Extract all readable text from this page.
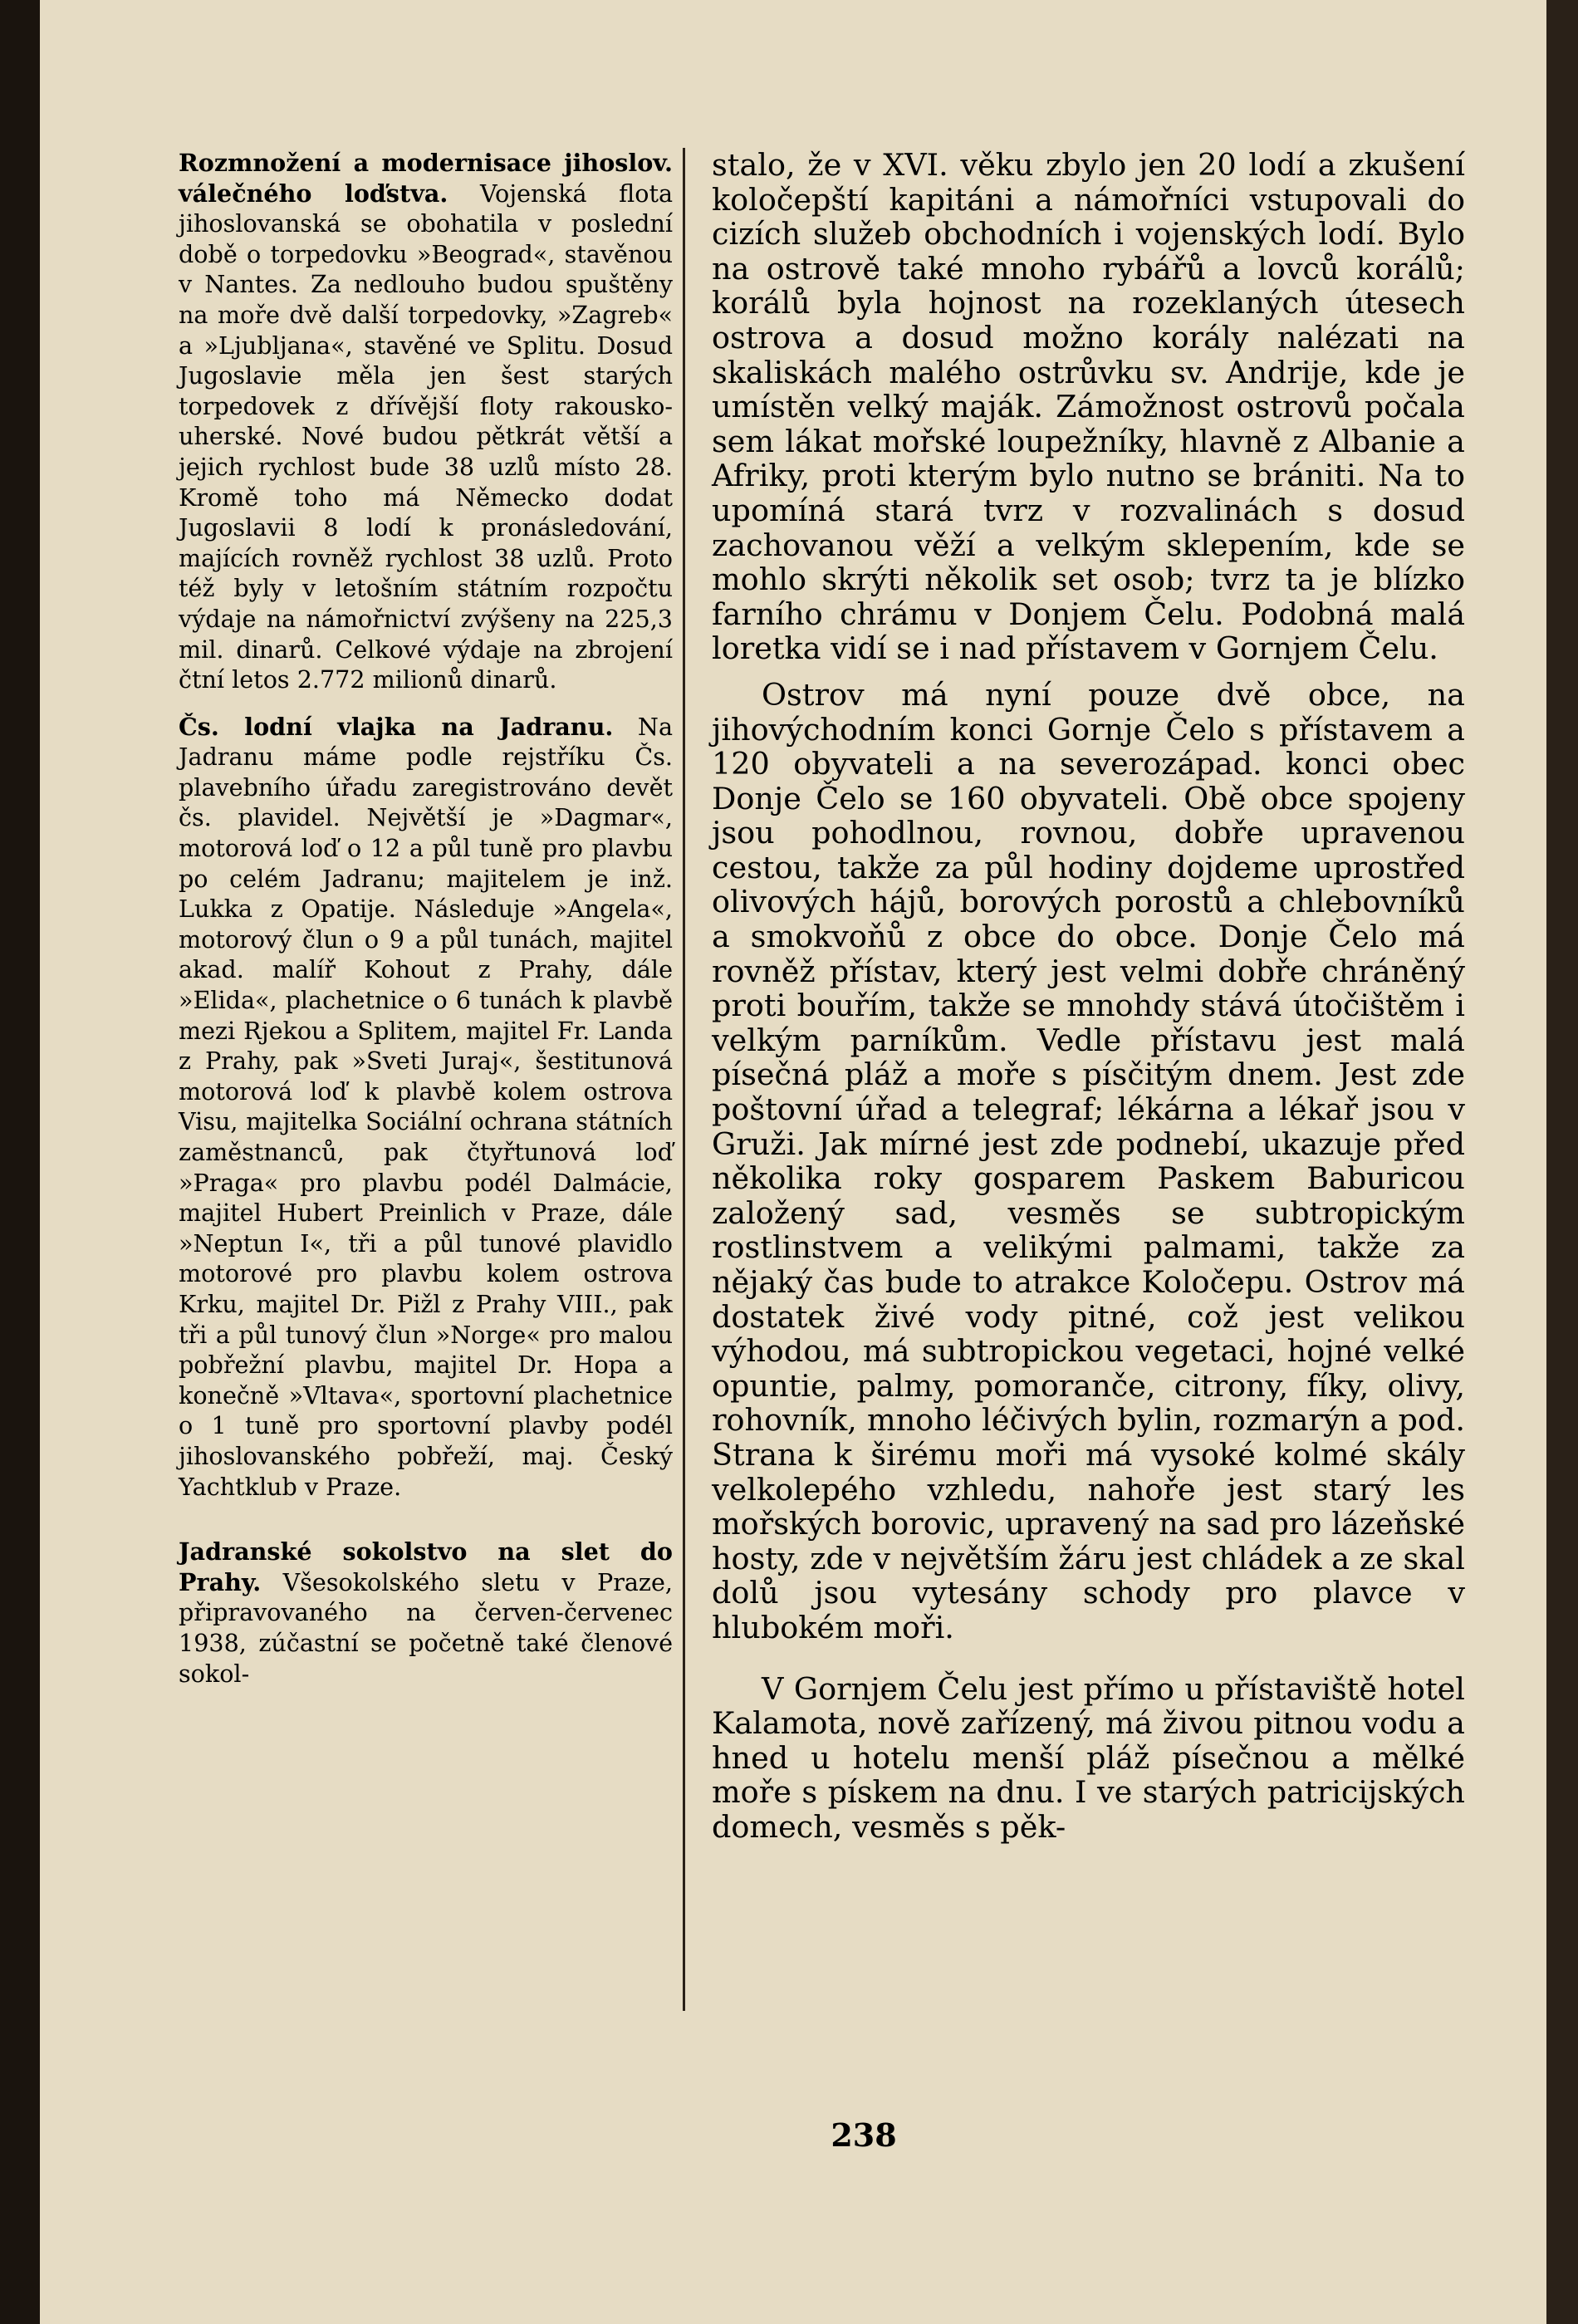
Rozmnožení a modernisace jihoslov. válečného loďstva. Vojenská flota jihoslovanská se obohatila v poslední době o torpedovku »Beograd«, stavěnou v Nantes. Za nedlouho budou spuštěny na moře dvě další torpedovky, »Zagreb« a »Ljubljana«, stavěné ve Splitu. Dosud Jugoslavie měla jen šest starých torpedovek z dřívější floty rakousko-uherské. Nové budou pětkrát větší a jejich rychlost bude 38 uzlů místo 28. Kromě toho má Německo dodat Jugoslavii 8 lodí k pronásledování, majících rovněž rychlost 38 uzlů. Proto též byly v letošním státním rozpočtu výdaje na námořnictví zvýšeny na 225,3 mil. dinarů. Celkové výdaje na zbrojení čtní letos 2.772 milionů dinarů.

Čs. lodní vlajka na Jadranu. Na Jadranu máme podle rejstříku Čs. plavebního úřadu zaregistrováno devět čs. plavidel. Největší je »Dagmar«, motorová loď o 12 a půl tuně pro plavbu po celém Jadranu; majitelem je inž. Lukka z Opatije. Následuje »Angela«, motorový člun o 9 a půl tunách, majitel akad. malíř Kohout z Prahy, dále »Elida«, plachetnice o 6 tunách k plavbě mezi Rjekou a Splitem, majitel Fr. Landa z Prahy, pak »Sveti Juraj«, šestitunová motorová loď k plavbě kolem ostrova Visu, majitelka Sociální ochrana státních zaměstnanců, pak čtyřtunová loď »Praga« pro plavbu podél Dalmácie, majitel Hubert Preinlich v Praze, dále »Neptun I«, tři a půl tunové plavidlo motorové pro plavbu kolem ostrova Krku, majitel Dr. Pižl z Prahy VIII., pak tři a půl tunový člun »Norge« pro malou pobřežní plavbu, majitel Dr. Hopa a konečně »Vltava«, sportovní plachetnice o 1 tuně pro sportovní plavby podél jihoslovanského pobřeží, maj. Český Yachtklub v Praze.

Jadranské sokolstvo na slet do Prahy. Všesokolského sletu v Praze, připravovaného na červen-červenec 1938, zúčastní se početně také členové sokol-

stalo, že v XVI. věku zbylo jen 20 lodí a zkušení koločepští kapitáni a námořníci vstupovali do cizích služeb obchodních i vojenských lodí. Bylo na ostrově také mnoho rybářů a lovců korálů; korálů byla hojnost na rozeklaných útesech ostrova a dosud možno korály nalézati na skaliskách malého ostrůvku sv. Andrije, kde je umístěn velký maják. Zámožnost ostrovů počala sem lákat mořské loupežníky, hlavně z Albanie a Afriky, proti kterým bylo nutno se brániti. Na to upomíná stará tvrz v rozvalinách s dosud zachovanou věží a velkým sklepením, kde se mohlo skrýti několik set osob; tvrz ta je blízko farního chrámu v Donjem Čelu. Podobná malá loretka vidí se i nad přístavem v Gornjem Čelu.

Ostrov má nyní pouze dvě obce, na jihovýchodním konci Gornje Čelo s přístavem a 120 obyvateli a na severozápad. konci obec Donje Čelo se 160 obyvateli. Obě obce spojeny jsou pohodlnou, rovnou, dobře upravenou cestou, takže za půl hodiny dojdeme uprostřed olivových hájů, borových porostů a chlebovníků a smokvoňů z obce do obce. Donje Čelo má rovněž přístav, který jest velmi dobře chráněný proti bouřím, takže se mnohdy stává útočištěm i velkým parníkům. Vedle přístavu jest malá písečná pláž a moře s písčitým dnem. Jest zde poštovní úřad a telegraf; lékárna a lékař jsou v Gruži. Jak mírné jest zde podnebí, ukazuje před několika roky gosparem Paskem Baburicou založený sad, vesměs se subtropickým rostlinstvem a velikými palmami, takže za nějaký čas bude to atrakce Koločepu. Ostrov má dostatek živé vody pitné, což jest velikou výhodou, má subtropickou vegetaci, hojné velké opuntie, palmy, pomoranče, citrony, fíky, olivy, rohovník, mnoho léčivých bylin, rozmarýn a pod. Strana k širému moři má vysoké kolmé skály velkolepého vzhledu, nahoře jest starý les mořských borovic, upravený na sad pro lázeňské hosty, zde v největším žáru jest chládek a ze skal dolů jsou vytesány schody pro plavce v hlubokém moři.

V Gornjem Čelu jest přímo u přístaviště hotel Kalamota, nově zařízený, má živou pitnou vodu a hned u hotelu menší pláž písečnou a mělké moře s pískem na dnu. I ve starých patricijských domech, vesměs s pěk-

238
